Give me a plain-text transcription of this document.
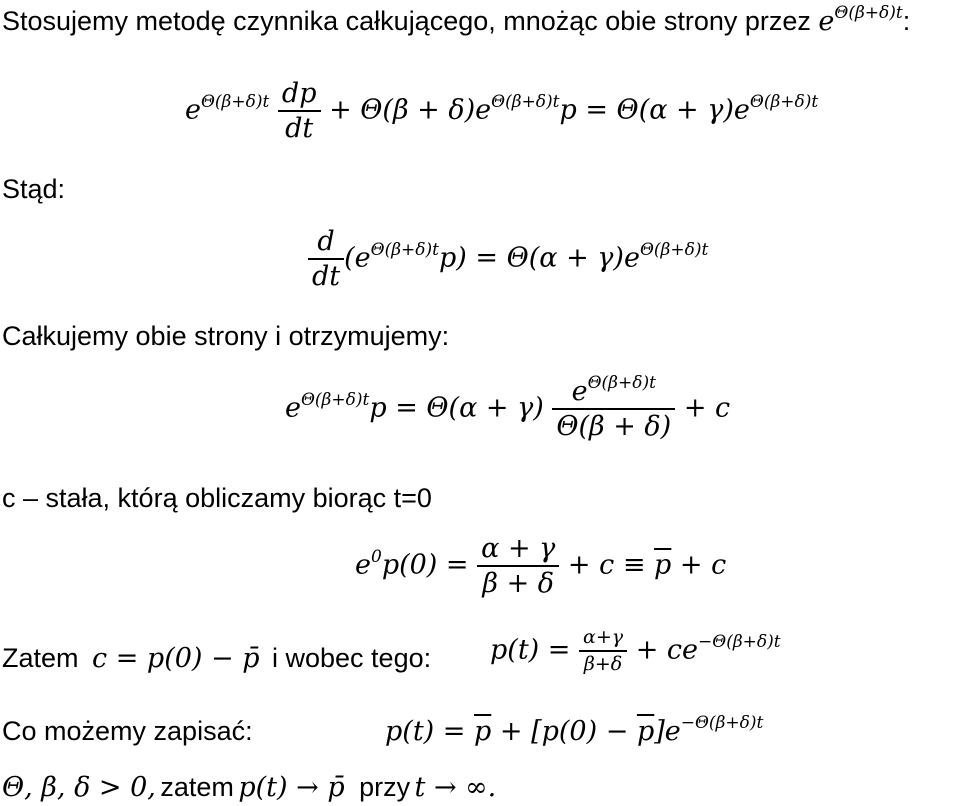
Stosujemy metodę czynnika całkującego, mnożąc obie strony przez $e^{\Theta(\beta+\delta)t}$:
$e^{\Theta(\beta+\delta)t} \frac{dp}{dt} + \Theta(\beta + \delta)e^{\Theta(\beta+\delta)t}p = \Theta(\alpha + \gamma)e^{\Theta(\beta+\delta)t}$
Stąd:
$\frac{d}{dt} (e^{\Theta(\beta+\delta)t}p) = \Theta(\alpha + \gamma)e^{\Theta(\beta+\delta)t}$
Całkujemy obie strony i otrzymujemy:
$e^{\Theta(\beta+\delta)t}p = \Theta(\alpha + \gamma) \frac{e^{\Theta(\beta+\delta)t}}{\Theta(\beta + \delta)} + c$
c – stała, którą obliczamy biorąc t=0
$e^0p(0) = \frac{\alpha + \gamma}{\beta + \delta} + c \equiv \overline{p} + c$
Zatem c = p(0) − p̄ i wobec tego: $p(t) = \frac{\alpha+\gamma}{\beta+\delta} + ce^{-\Theta(\beta+\delta)t}$
Co możemy zapisać:	$p(t) = \overline{p} + [p(0) - \overline{p}]e^{-\Theta(\beta+\delta)t}$
Θ, β, δ > 0, zatem p(t) → p̄ przy t → ∞.
